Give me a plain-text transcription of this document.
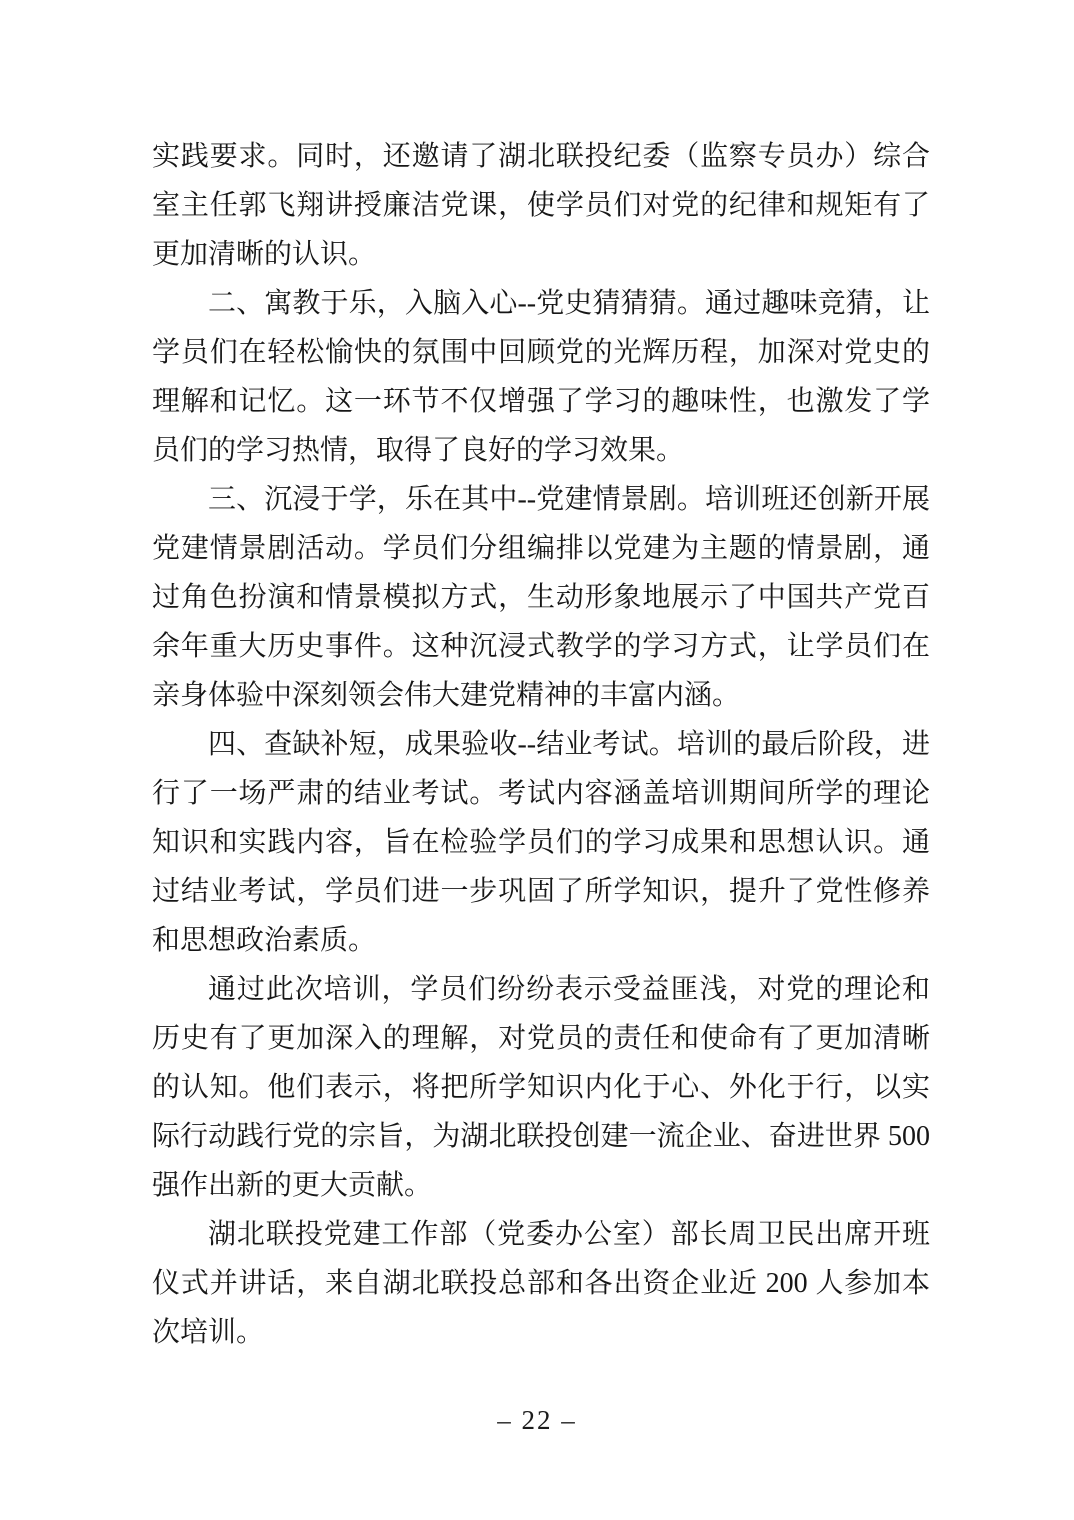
实践要求。同时，还邀请了湖北联投纪委（监察专员办）综合室主任郭飞翔讲授廉洁党课，使学员们对党的纪律和规矩有了更加清晰的认识。

二、寓教于乐，入脑入心--党史猜猜猜。通过趣味竞猜，让学员们在轻松愉快的氛围中回顾党的光辉历程，加深对党史的理解和记忆。这一环节不仅增强了学习的趣味性，也激发了学员们的学习热情，取得了良好的学习效果。

三、沉浸于学，乐在其中--党建情景剧。培训班还创新开展党建情景剧活动。学员们分组编排以党建为主题的情景剧，通过角色扮演和情景模拟方式，生动形象地展示了中国共产党百余年重大历史事件。这种沉浸式教学的学习方式，让学员们在亲身体验中深刻领会伟大建党精神的丰富内涵。

四、查缺补短，成果验收--结业考试。培训的最后阶段，进行了一场严肃的结业考试。考试内容涵盖培训期间所学的理论知识和实践内容，旨在检验学员们的学习成果和思想认识。通过结业考试，学员们进一步巩固了所学知识，提升了党性修养和思想政治素质。

通过此次培训，学员们纷纷表示受益匪浅，对党的理论和历史有了更加深入的理解，对党员的责任和使命有了更加清晰的认知。他们表示，将把所学知识内化于心、外化于行，以实际行动践行党的宗旨，为湖北联投创建一流企业、奋进世界 500 强作出新的更大贡献。

湖北联投党建工作部（党委办公室）部长周卫民出席开班仪式并讲话，来自湖北联投总部和各出资企业近 200 人参加本次培训。

– 22 –
